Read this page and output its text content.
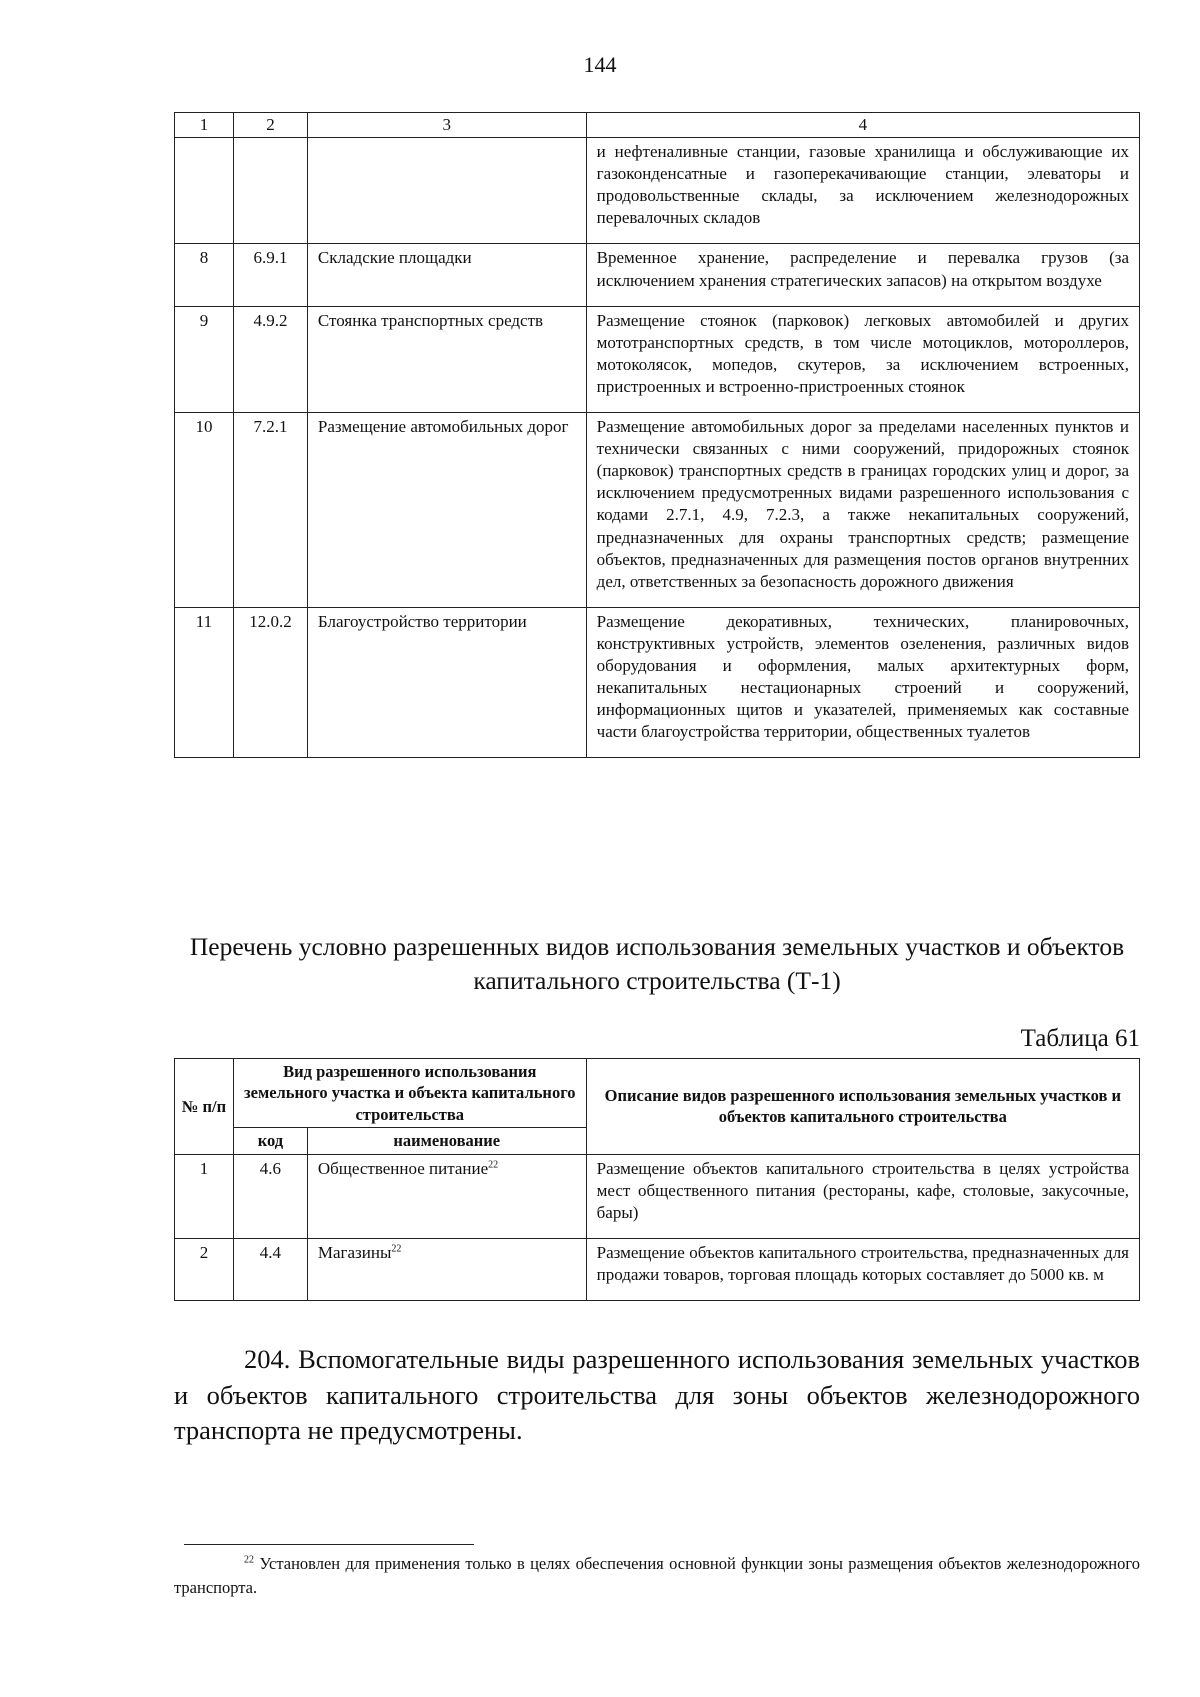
144
1	2	3	4
			и нефтеналивные станции, газовые хранилища и обслуживающие их газоконденсатные и газоперекачивающие станции, элеваторы и продовольственные склады, за исключением железнодорожных перевалочных складов
8	6.9.1	Складские площадки	Временное хранение, распределение и перевалка грузов (за исключением хранения стратегических запасов) на открытом воздухе
9	4.9.2	Стоянка транспортных средств	Размещение стоянок (парковок) легковых автомобилей и других мототранспортных средств, в том числе мотоциклов, мотороллеров, мотоколясок, мопедов, скутеров, за исключением встроенных, пристроенных и встроенно-пристроенных стоянок
10	7.2.1	Размещение автомобильных дорог	Размещение автомобильных дорог за пределами населенных пунктов и технически связанных с ними сооружений, придорожных стоянок (парковок) транспортных средств в границах городских улиц и дорог, за исключением предусмотренных видами разрешенного использования с кодами 2.7.1, 4.9, 7.2.3, а также некапитальных сооружений, предназначенных для охраны транспортных средств; размещение объектов, предназначенных для размещения постов органов внутренних дел, ответственных за безопасность дорожного движения
11	12.0.2	Благоустройство территории	Размещение декоративных, технических, планировочных, конструктивных устройств, элементов озеленения, различных видов оборудования и оформления, малых архитектурных форм, некапитальных нестационарных строений и сооружений, информационных щитов и указателей, применяемых как составные части благоустройства территории, общественных туалетов
Перечень условно разрешенных видов использования земельных участков и объектов капитального строительства (Т-1)
Таблица 61
№ п/п	Вид разрешенного использования земельного участка и объекта капитального строительства		Описание видов разрешенного использования земельных участков и объектов капитального строительства
	код	наименование	
1	4.6	Общественное питание$^{22}$	Размещение объектов капитального строительства в целях устройства мест общественного питания (рестораны, кафе, столовые, закусочные, бары)
2	4.4	Магазины$^{22}$	Размещение объектов капитального строительства, предназначенных для продажи товаров, торговая площадь которых составляет до 5000 кв. м
204. Вспомогательные виды разрешенного использования земельных участков и объектов капитального строительства для зоны объектов железнодорожного транспорта не предусмотрены.
$^{22}$ Установлен для применения только в целях обеспечения основной функции зоны размещения объектов железнодорожного транспорта.
